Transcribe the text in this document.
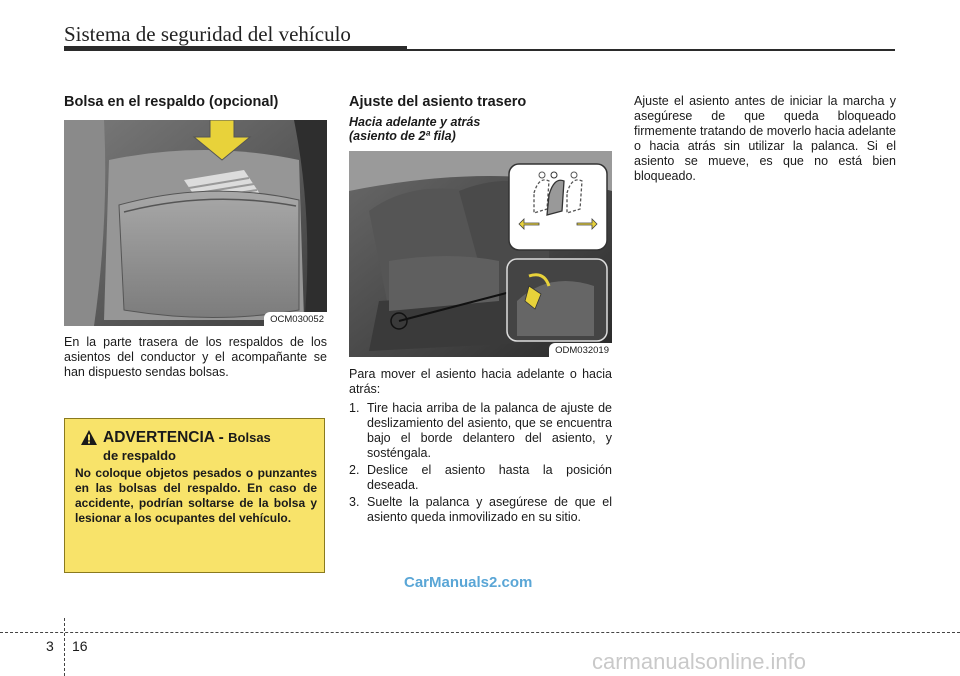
Sistema de seguridad del vehículo
Bolsa en el respaldo (opcional)
OCM030052

En la parte trasera de los respaldos de los asientos del conductor y el acompañante se han dispuesto sendas bolsas.

ADVERTENCIA - Bolsas
de respaldo
No coloque objetos pesados o punzantes en las bolsas del respaldo. En caso de accidente, podrían soltarse de la bolsa y lesionar a los ocupantes del vehículo.
Ajuste del asiento trasero
Hacia adelante y atrás
(asiento de 2ª fila)
ODM032019

Para mover el asiento hacia adelante o hacia atrás:

1. Tire hacia arriba de la palanca de ajuste de deslizamiento del asiento, que se encuentra bajo el borde delantero del asiento, y sosténgala.
2. Deslice el asiento hasta la posición deseada.
3. Suelte la palanca y asegúrese de que el asiento queda inmovilizado en su sitio.

Ajuste el asiento antes de iniciar la marcha y asegúrese de que queda bloqueado firmemente tratando de moverlo hacia adelante o hacia atrás sin utilizar la palanca. Si el asiento se mueve, es que no está bien bloqueado.

CarManuals2.com
3 16
carmanualsonline.info
